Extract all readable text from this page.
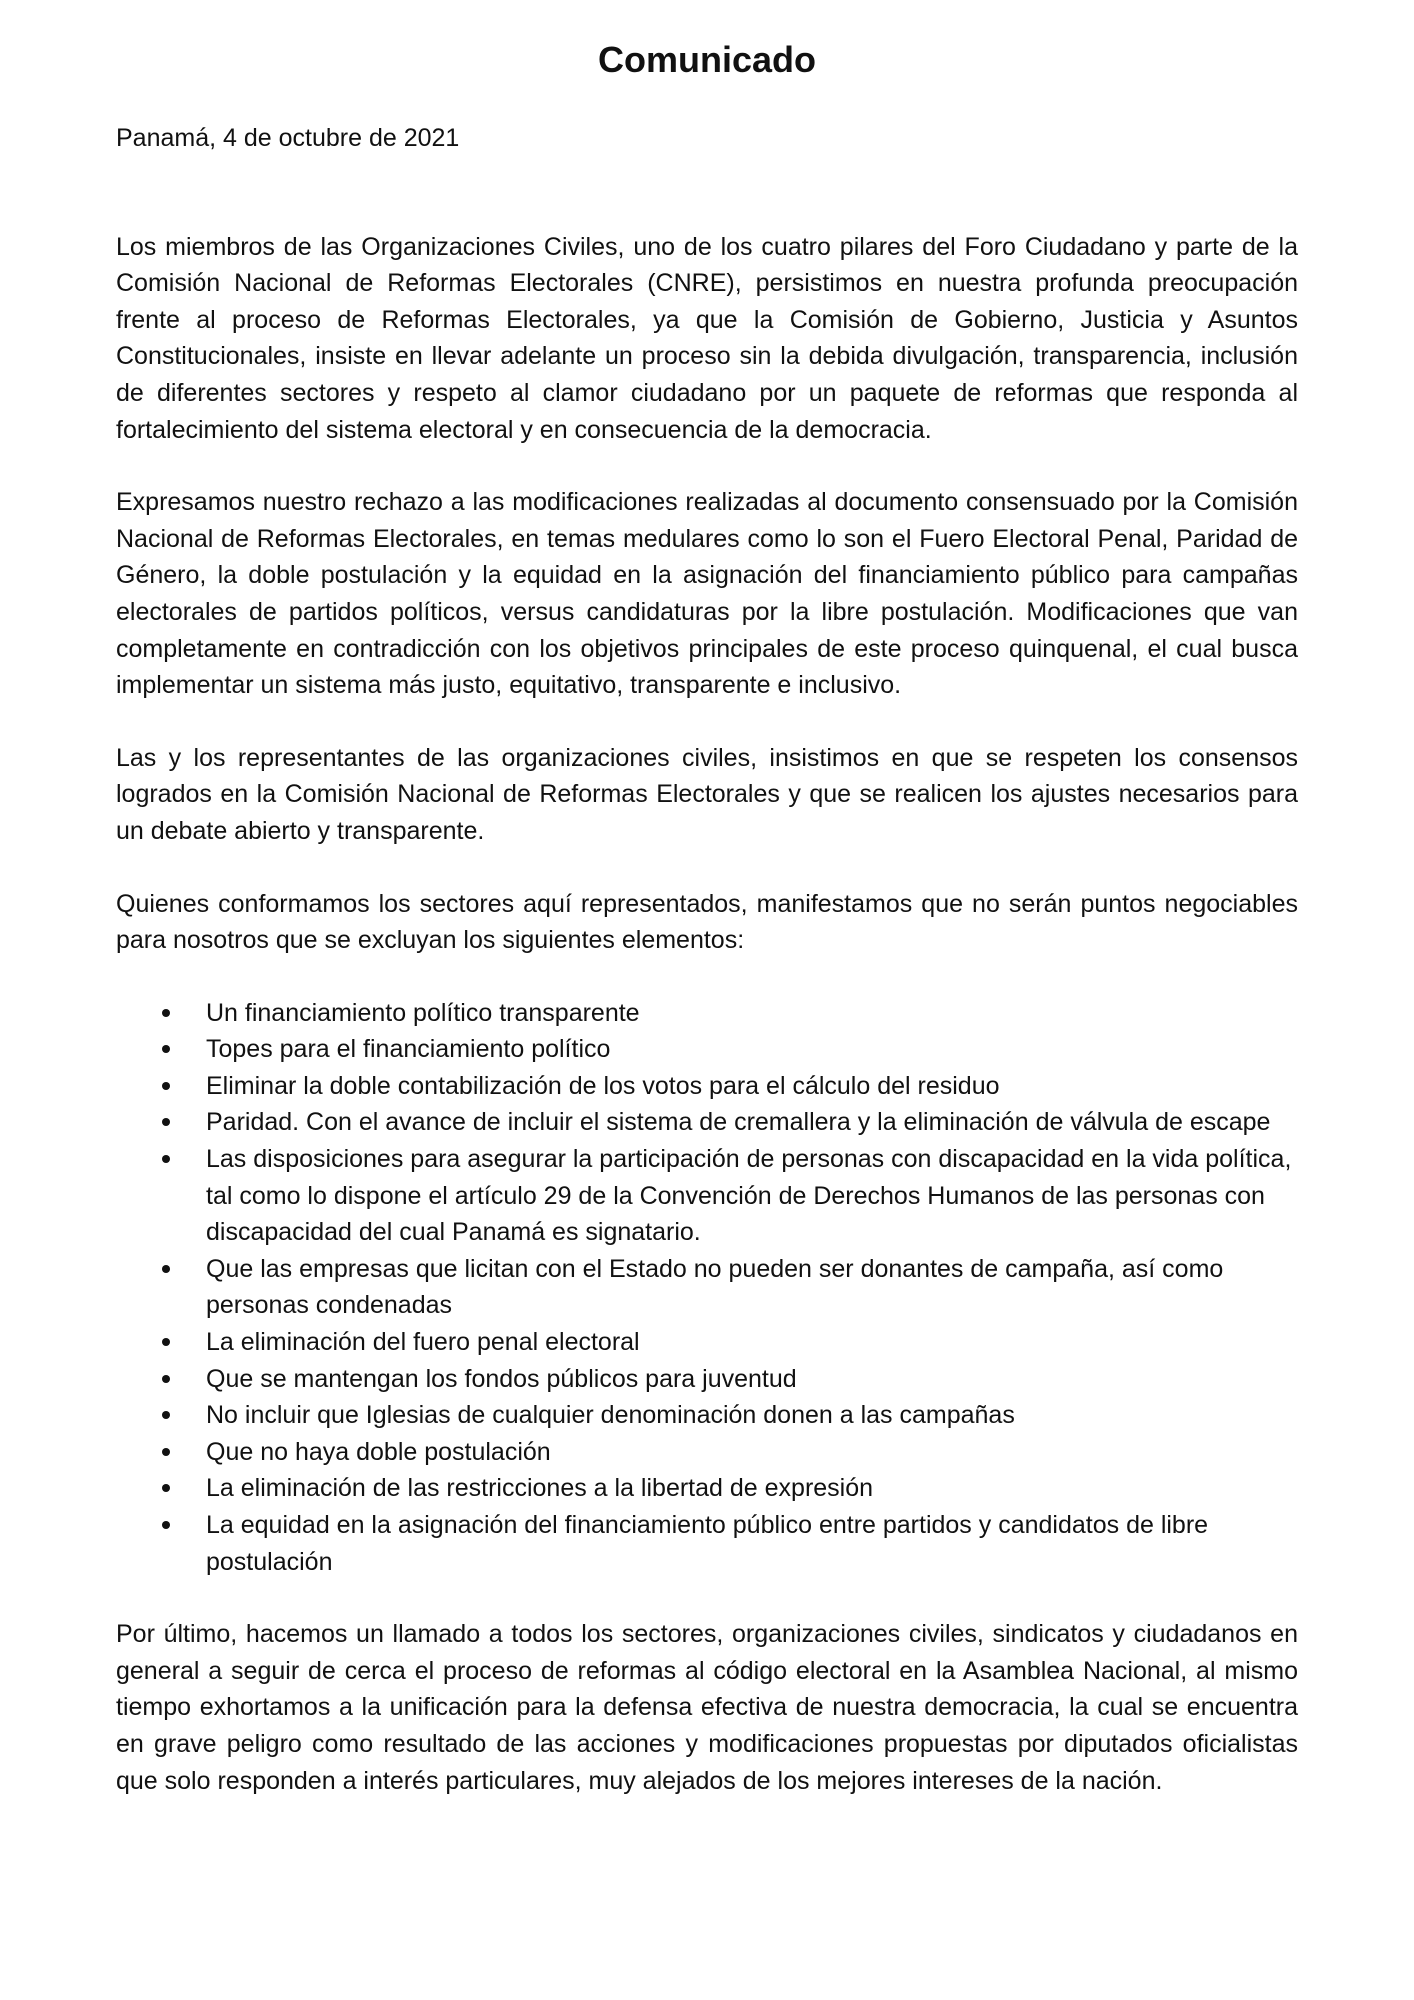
Comunicado

Panamá, 4 de octubre de 2021

Los miembros de las Organizaciones Civiles, uno de los cuatro pilares del Foro Ciudadano y parte de la Comisión Nacional de Reformas Electorales (CNRE), persistimos en nuestra profunda preocupación frente al proceso de Reformas Electorales, ya que la Comisión de Gobierno, Justicia y Asuntos Constitucionales, insiste en llevar adelante un proceso sin la debida divulgación, transparencia, inclusión de diferentes sectores y respeto al clamor ciudadano por un paquete de reformas que responda al fortalecimiento del sistema electoral y en consecuencia de la democracia.

Expresamos nuestro rechazo a las modificaciones realizadas al documento consensuado por la Comisión Nacional de Reformas Electorales, en temas medulares como lo son el Fuero Electoral Penal, Paridad de Género, la doble postulación y la equidad en la asignación del financiamiento público para campañas electorales de partidos políticos, versus candidaturas por la libre postulación. Modificaciones que van completamente en contradicción con los objetivos principales de este proceso quinquenal, el cual busca implementar un sistema más justo, equitativo, transparente e inclusivo.

Las y los representantes de las organizaciones civiles, insistimos en que se respeten los consensos logrados en la Comisión Nacional de Reformas Electorales y que se realicen los ajustes necesarios para un debate abierto y transparente.

Quienes conformamos los sectores aquí representados, manifestamos que no serán puntos negociables para nosotros que se excluyan los siguientes elementos:

Un financiamiento político transparente
Topes para el financiamiento político
Eliminar la doble contabilización de los votos para el cálculo del residuo
Paridad. Con el avance de incluir el sistema de cremallera y la eliminación de válvula de escape
Las disposiciones para asegurar la participación de personas con discapacidad en la vida política, tal como lo dispone el artículo 29 de la Convención de Derechos Humanos de las personas con discapacidad del cual Panamá es signatario.
Que las empresas que licitan con el Estado no pueden ser donantes de campaña, así como personas condenadas
La eliminación del fuero penal electoral
Que se mantengan los fondos públicos para juventud
No incluir que Iglesias de cualquier denominación donen a las campañas
Que no haya doble postulación
La eliminación de las restricciones a la libertad de expresión
La equidad en la asignación del financiamiento público entre partidos y candidatos de libre postulación

Por último, hacemos un llamado a todos los sectores, organizaciones civiles, sindicatos y ciudadanos en general a seguir de cerca el proceso de reformas al código electoral en la Asamblea Nacional, al mismo tiempo exhortamos a la unificación para la defensa efectiva de nuestra democracia, la cual se encuentra en grave peligro como resultado de las acciones y modificaciones propuestas por diputados oficialistas que solo responden a interés particulares, muy alejados de los mejores intereses de la nación.
